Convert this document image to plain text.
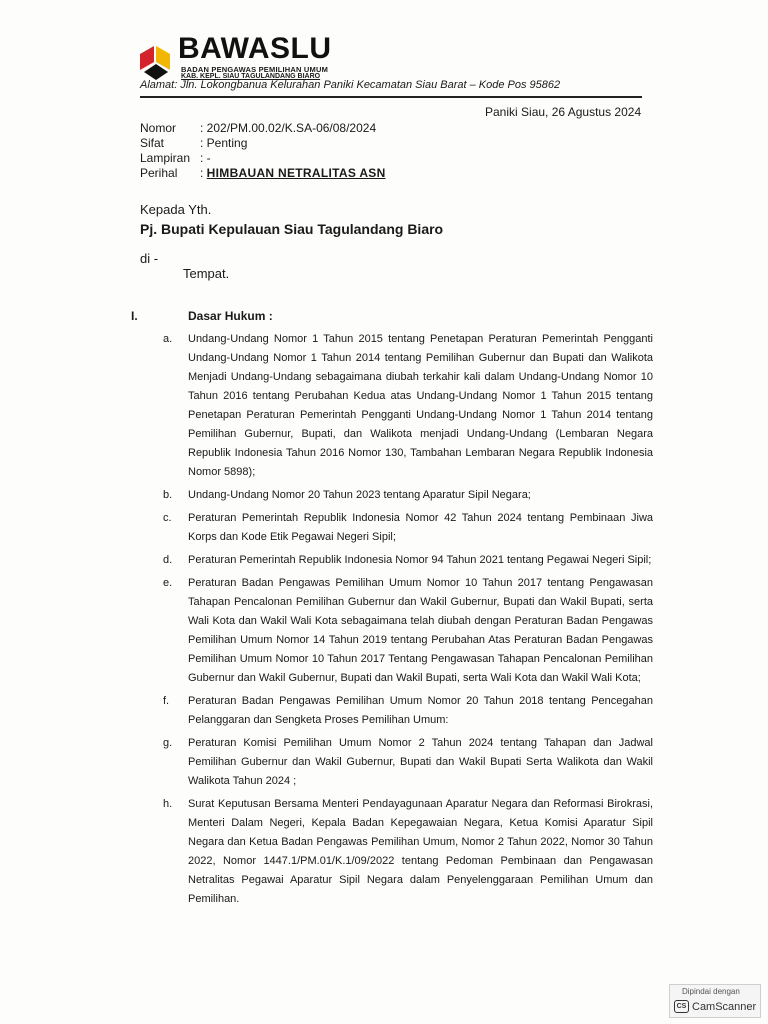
BAWASLU
BADAN PENGAWAS PEMILIHAN UMUM
KAB. KEPL. SIAU TAGULANDANG BIARO
Alamat: Jln. Lokongbanua Kelurahan Paniki Kecamatan Siau Barat – Kode Pos 95862
Paniki Siau, 26 Agustus 2024
Nomor	: 202/PM.00.02/K.SA-06/08/2024
Sifat	: Penting
Lampiran : -
Perihal	: HIMBAUAN NETRALITAS ASN
Kepada Yth.
Pj. Bupati Kepulauan Siau Tagulandang Biaro
di -
Tempat.
I.	Dasar Hukum :
a. Undang-Undang Nomor 1 Tahun 2015 tentang Penetapan Peraturan Pemerintah Pengganti Undang-Undang Nomor 1 Tahun 2014 tentang Pemilihan Gubernur dan Bupati dan Walikota Menjadi Undang-Undang sebagaimana diubah terkahir kali dalam Undang-Undang Nomor 10 Tahun 2016 tentang Perubahan Kedua atas Undang-Undang Nomor 1 Tahun 2015 tentang Penetapan Peraturan Pemerintah Pengganti Undang-Undang Nomor 1 Tahun 2014 tentang Pemilihan Gubernur, Bupati, dan Walikota menjadi Undang-Undang (Lembaran Negara Republik Indonesia Tahun 2016 Nomor 130, Tambahan Lembaran Negara Republik Indonesia Nomor 5898);
b. Undang-Undang Nomor 20 Tahun 2023 tentang Aparatur Sipil Negara;
c. Peraturan Pemerintah Republik Indonesia Nomor 42 Tahun 2024 tentang Pembinaan Jiwa Korps dan Kode Etik Pegawai Negeri Sipil;
d. Peraturan Pemerintah Republik Indonesia Nomor 94 Tahun 2021 tentang Pegawai Negeri Sipil;
e. Peraturan Badan Pengawas Pemilihan Umum Nomor 10 Tahun 2017 tentang Pengawasan Tahapan Pencalonan Pemilihan Gubernur dan Wakil Gubernur, Bupati dan Wakil Bupati, serta Wali Kota dan Wakil Wali Kota sebagaimana telah diubah dengan Peraturan Badan Pengawas Pemilihan Umum Nomor 14 Tahun 2019 tentang Perubahan Atas Peraturan Badan Pengawas Pemilihan Umum Nomor 10 Tahun 2017 Tentang Pengawasan Tahapan Pencalonan Pemilihan Gubernur dan Wakil Gubernur, Bupati dan Wakil Bupati, serta Wali Kota dan Wakil Wali Kota;
f. Peraturan Badan Pengawas Pemilihan Umum Nomor 20 Tahun 2018 tentang Pencegahan Pelanggaran dan Sengketa Proses Pemilihan Umum:
g. Peraturan Komisi Pemilihan Umum Nomor 2 Tahun 2024 tentang Tahapan dan Jadwal Pemilihan Gubernur dan Wakil Gubernur, Bupati dan Wakil Bupati Serta Walikota dan Wakil Walikota Tahun 2024 ;
h. Surat Keputusan Bersama Menteri Pendayagunaan Aparatur Negara dan Reformasi Birokrasi, Menteri Dalam Negeri, Kepala Badan Kepegawaian Negara, Ketua Komisi Aparatur Sipil Negara dan Ketua Badan Pengawas Pemilihan Umum, Nomor 2 Tahun 2022, Nomor 30 Tahun 2022, Nomor 1447.1/PM.01/K.1/09/2022 tentang Pedoman Pembinaan dan Pengawasan Netralitas Pegawai Aparatur Sipil Negara dalam Penyelenggaraan Pemilihan Umum dan Pemilihan.
Dipindai dengan
CS CamScanner
